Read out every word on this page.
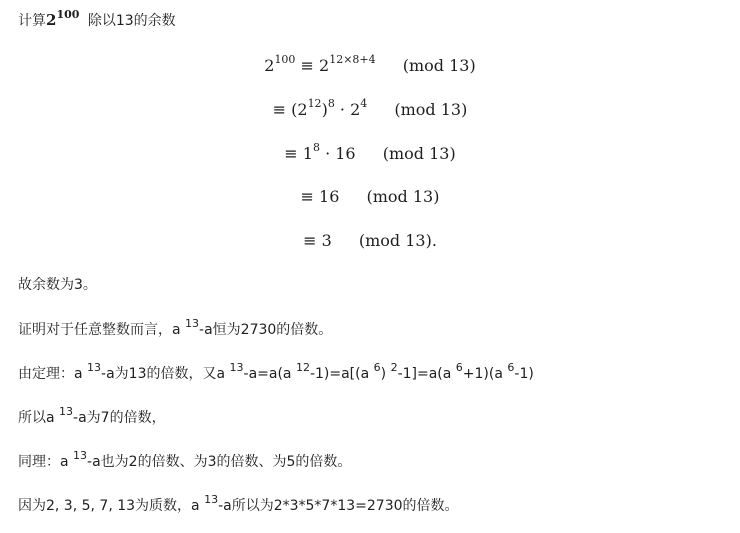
计算$2^{100}$ 除以13的余数
$2^{100} \equiv 2^{12\times 8+4}$ (mod 13)
≡ $(2^{12})^8 \cdot 2^4$ (mod 13)
≡ $1^8 \cdot 16$ (mod 13)
≡ 16 (mod 13)
≡ 3 (mod 13).
故余数为3。
证明对于任意整数而言，a $^{13}$-a恒为2730的倍数。
由定理：a $^{13}$-a为13的倍数，又a $^{13}$-a=a(a $^{12}$-1)=a[(a $^6$) $^2$-1]=a(a $^6$+1)(a $^6$-1)
所以a $^{13}$-a为7的倍数，
同理：a $^{13}$-a也为2的倍数、为3的倍数、为5的倍数。
因为2, 3, 5, 7, 13为质数，a $^{13}$-a所以为2*3*5*7*13=2730的倍数。
